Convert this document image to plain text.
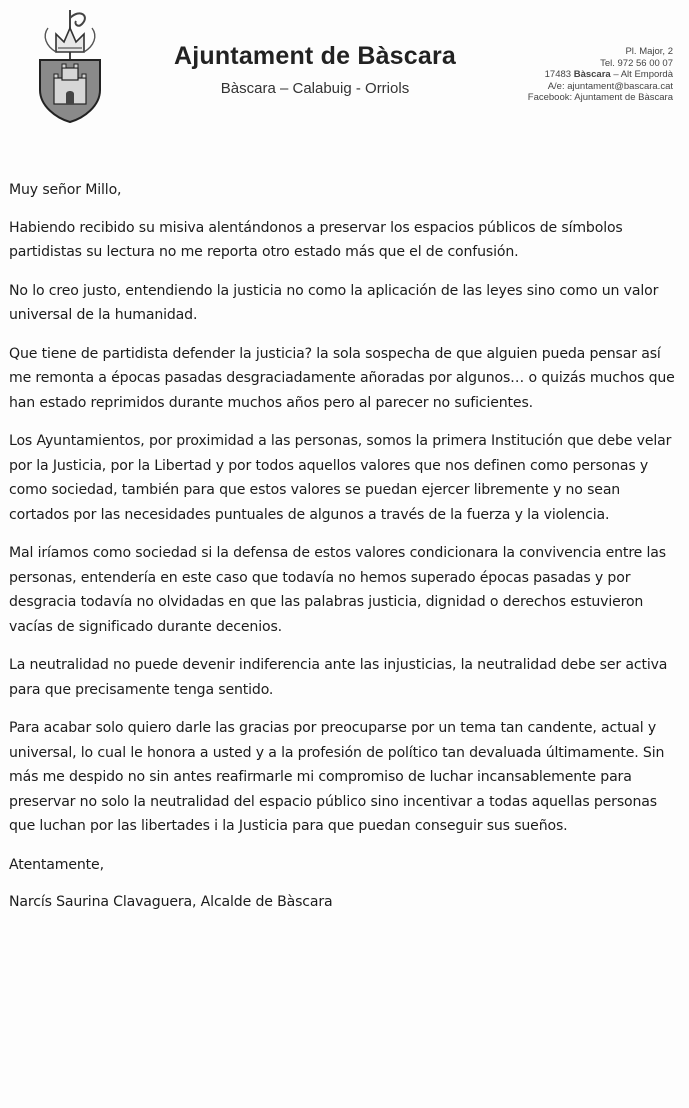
Ajuntament de Bàscara
Bàscara – Calabuig - Orriols
Pl. Major, 2
Tel. 972 56 00 07
17483 Bàscara – Alt Empordà
A/e: ajuntament@bascara.cat
Facebook: Ajuntament de Bàscara

Muy señor Millo,

Habiendo recibido su misiva alentándonos a preservar los espacios públicos de símbolos partidistas su lectura no me reporta otro estado más que el de confusión.

No lo creo justo, entendiendo la justicia no como la aplicación de las leyes sino como un valor universal de la humanidad.

Que tiene de partidista defender la justicia? la sola sospecha de que alguien pueda pensar así me remonta a épocas pasadas desgraciadamente añoradas por algunos… o quizás muchos que han estado reprimidos durante muchos años pero al parecer no suficientes.

Los Ayuntamientos, por proximidad a las personas, somos la primera Institución que debe velar por la Justicia, por la Libertad y por todos aquellos valores que nos definen como personas y como sociedad, también para que estos valores se puedan ejercer libremente y no sean cortados por las necesidades puntuales de algunos a través de la fuerza y la violencia.

Mal iríamos como sociedad si la defensa de estos valores condicionara la convivencia entre las personas, entendería en este caso que todavía no hemos superado épocas pasadas y por desgracia todavía no olvidadas en que las palabras justicia, dignidad o derechos estuvieron vacías de significado durante decenios.

La neutralidad no puede devenir indiferencia ante las injusticias, la neutralidad debe ser activa para que precisamente tenga sentido.

Para acabar solo quiero darle las gracias por preocuparse por un tema tan candente, actual y universal, lo cual le honora a usted y a la profesión de político tan devaluada últimamente. Sin más me despido no sin antes reafirmarle mi compromiso de luchar incansablemente para preservar no solo la neutralidad del espacio público sino incentivar a todas aquellas personas que luchan por las libertades i la Justicia para que puedan conseguir sus sueños.

Atentamente,

Narcís Saurina Clavaguera, Alcalde de Bàscara
